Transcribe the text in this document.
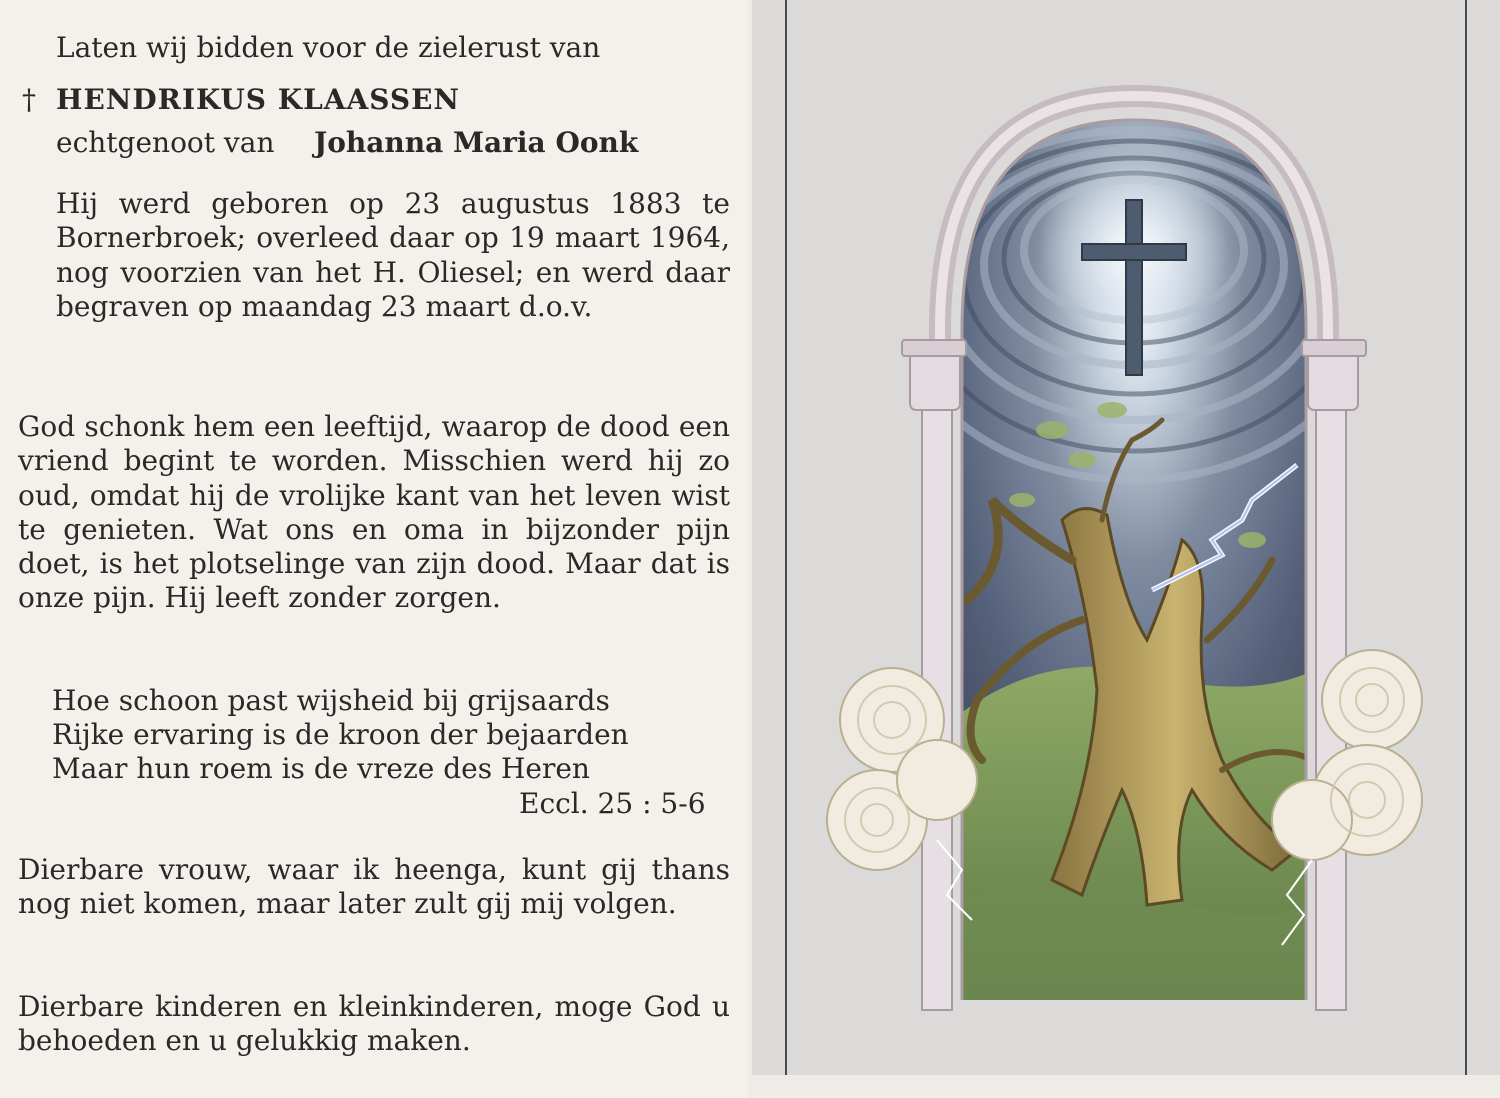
Laten wij bidden voor de zielerust van
† HENDRIKUS KLAASSEN
echtgenoot van Johanna Maria Oonk
Hij werd geboren op 23 augustus 1883 te Bornerbroek; overleed daar op 19 maart 1964, nog voorzien van het H. Oliesel; en werd daar begraven op maandag 23 maart d.o.v.
God schonk hem een leeftijd, waarop de dood een vriend begint te worden. Misschien werd hij zo oud, omdat hij de vrolijke kant van het leven wist te genieten. Wat ons en oma in bijzonder pijn doet, is het plotselinge van zijn dood. Maar dat is onze pijn. Hij leeft zonder zorgen.
Hoe schoon past wijsheid bij grijsaards
Rijke ervaring is de kroon der bejaarden
Maar hun roem is de vreze des Heren
Eccl. 25 : 5-6
Dierbare vrouw, waar ik heenga, kunt gij thans nog niet komen, maar later zult gij mij volgen.
Dierbare kinderen en kleinkinderen, moge God u behoeden en u gelukkig maken.
